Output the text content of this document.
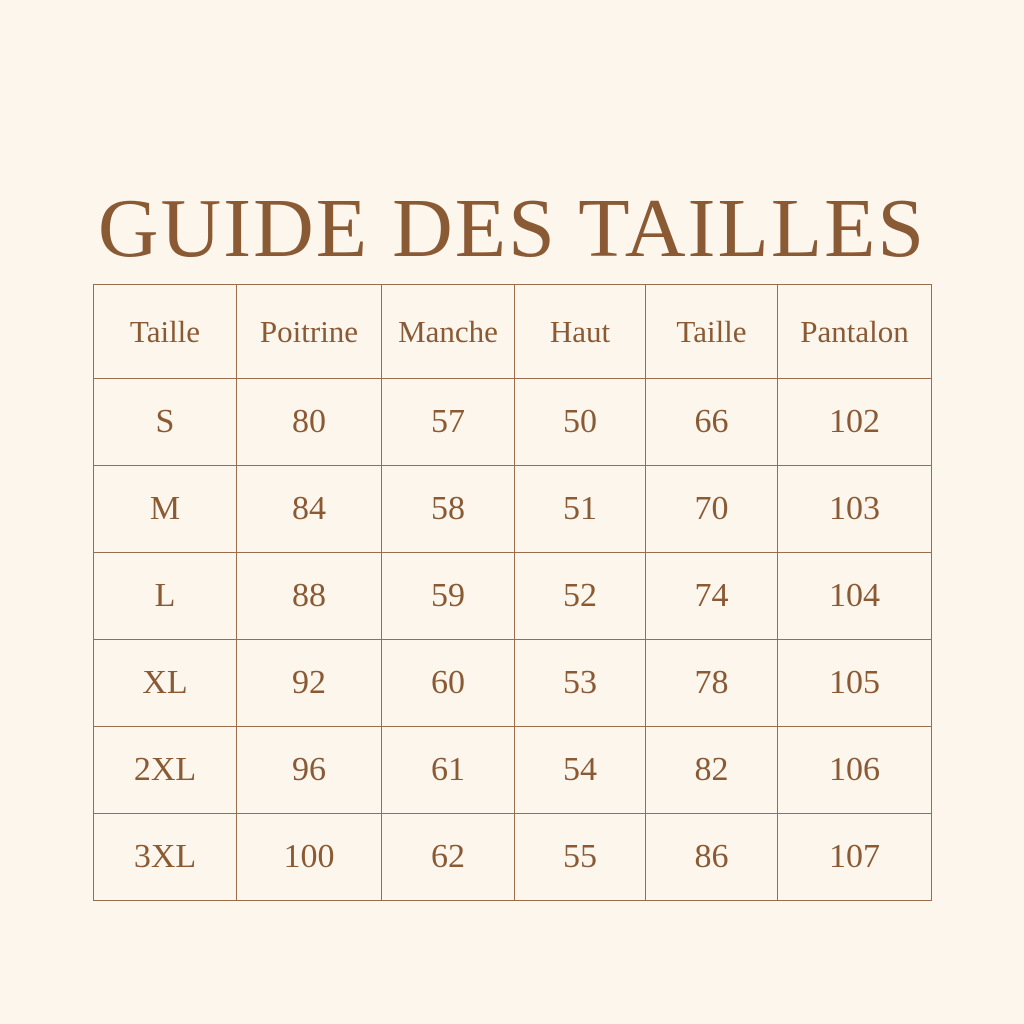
GUIDE DES TAILLES
Taille	Poitrine	Manche	Haut	Taille	Pantalon
S	80	57	50	66	102
M	84	58	51	70	103
L	88	59	52	74	104
XL	92	60	53	78	105
2XL	96	61	54	82	106
3XL	100	62	55	86	107
